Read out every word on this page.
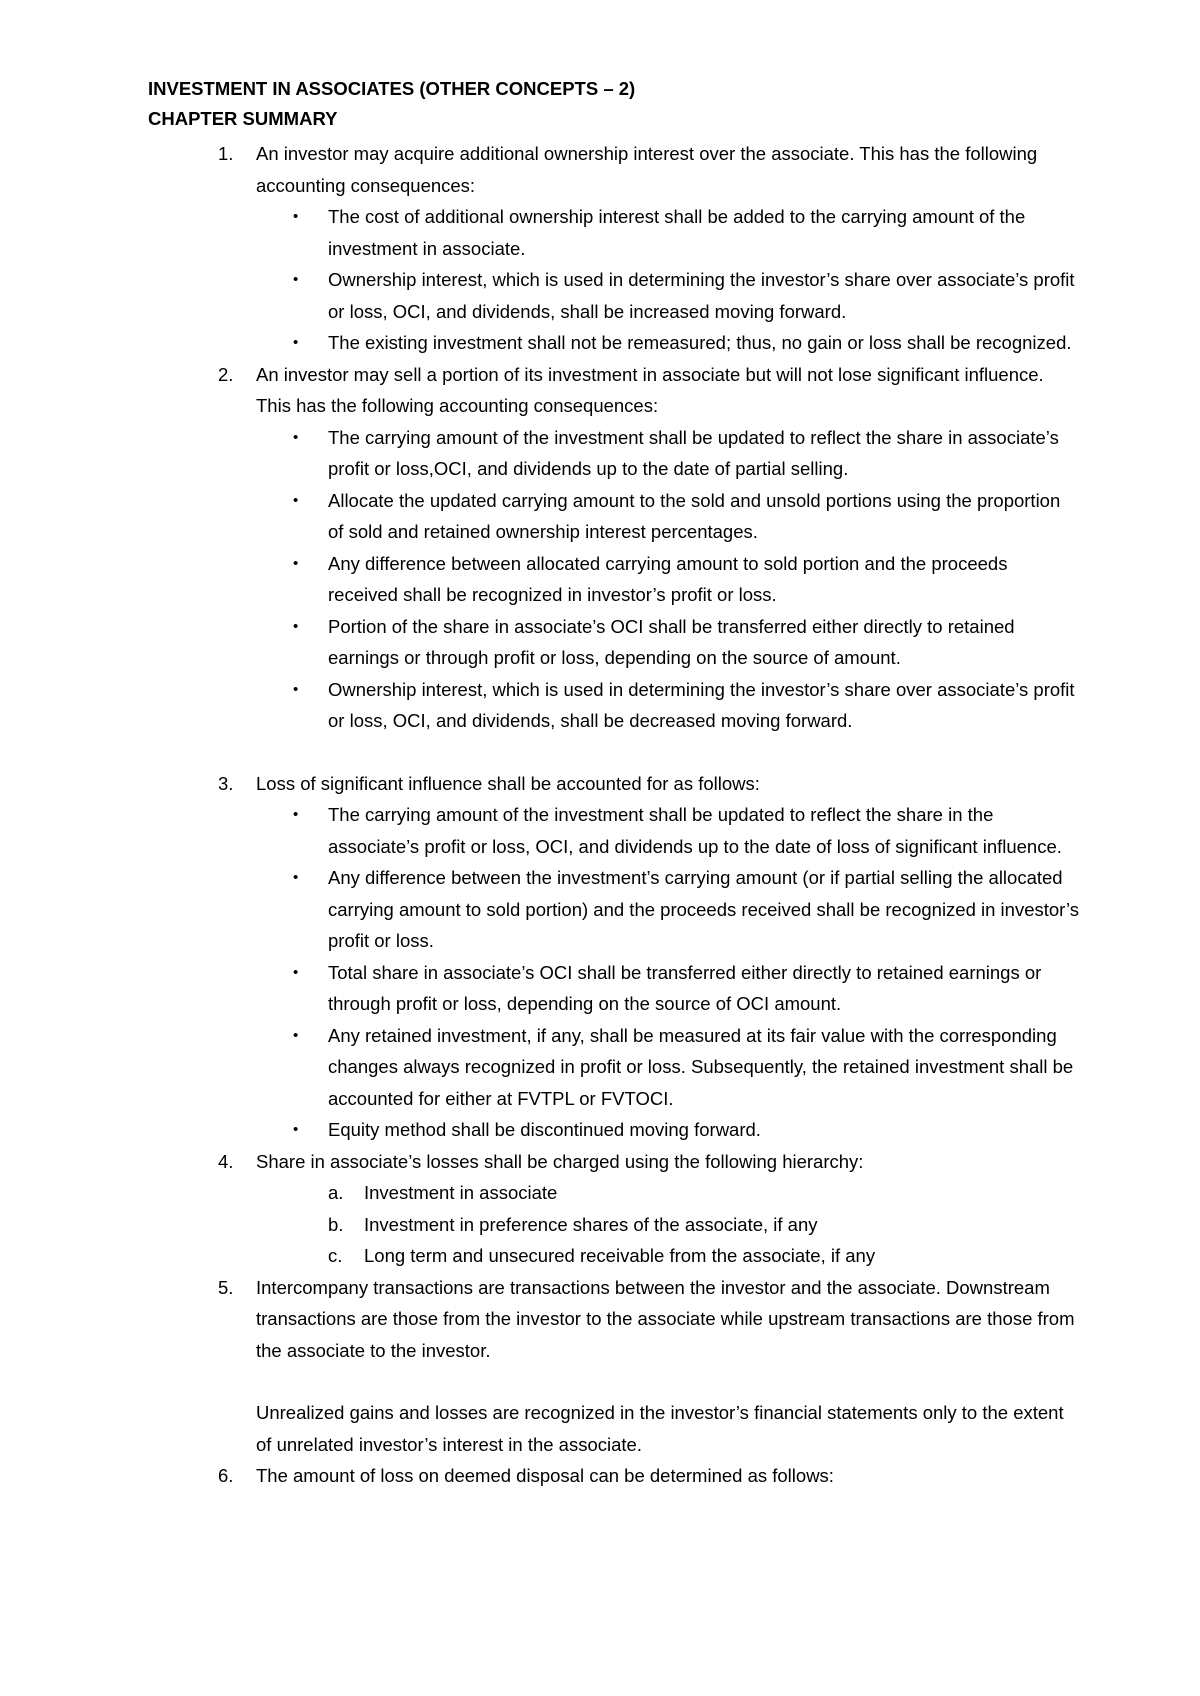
INVESTMENT IN ASSOCIATES (OTHER CONCEPTS – 2)

CHAPTER SUMMARY

1. An investor may acquire additional ownership interest over the associate. This has the following accounting consequences:
• The cost of additional ownership interest shall be added to the carrying amount of the investment in associate.
• Ownership interest, which is used in determining the investor’s share over associate’s profit or loss, OCI, and dividends, shall be increased moving forward.
• The existing investment shall not be remeasured; thus, no gain or loss shall be recognized.
2. An investor may sell a portion of its investment in associate but will not lose significant influence. This has the following accounting consequences:
• The carrying amount of the investment shall be updated to reflect the share in associate’s profit or loss,OCI, and dividends up to the date of partial selling.
• Allocate the updated carrying amount to the sold and unsold portions using the proportion of sold and retained ownership interest percentages.
• Any difference between allocated carrying amount to sold portion and the proceeds received shall be recognized in investor’s profit or loss.
• Portion of the share in associate’s OCI shall be transferred either directly to retained earnings or through profit or loss, depending on the source of amount.
• Ownership interest, which is used in determining the investor’s share over associate’s profit or loss, OCI, and dividends, shall be decreased moving forward.
3. Loss of significant influence shall be accounted for as follows:
• The carrying amount of the investment shall be updated to reflect the share in the associate’s profit or loss, OCI, and dividends up to the date of loss of significant influence.
• Any difference between the investment’s carrying amount (or if partial selling the allocated carrying amount to sold portion) and the proceeds received shall be recognized in investor’s profit or loss.
• Total share in associate’s OCI shall be transferred either directly to retained earnings or through profit or loss, depending on the source of OCI amount.
• Any retained investment, if any, shall be measured at its fair value with the corresponding changes always recognized in profit or loss. Subsequently, the retained investment shall be accounted for either at FVTPL or FVTOCI.
• Equity method shall be discontinued moving forward.
4. Share in associate’s losses shall be charged using the following hierarchy:
a. Investment in associate
b. Investment in preference shares of the associate, if any
c. Long term and unsecured receivable from the associate, if any
5. Intercompany transactions are transactions between the investor and the associate. Downstream transactions are those from the investor to the associate while upstream transactions are those from the associate to the investor.

Unrealized gains and losses are recognized in the investor’s financial statements only to the extent of unrelated investor’s interest in the associate.

6. The amount of loss on deemed disposal can be determined as follows:
